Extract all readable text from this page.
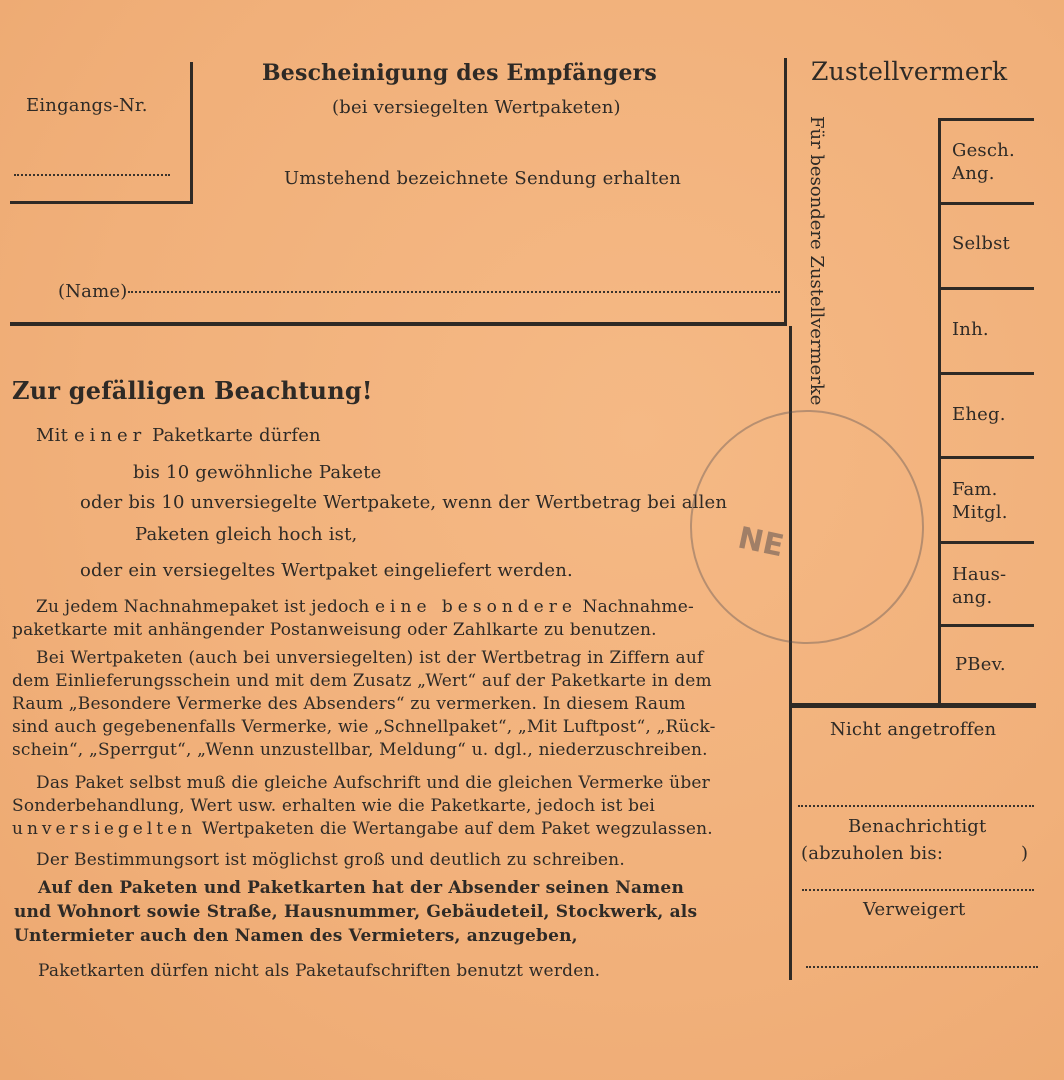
Eingangs-Nr.
Bescheinigung des Empfängers
(bei versiegelten Wertpaketen)
Umstehend bezeichnete Sendung erhalten
(Name)
Zur gefälligen Beachtung!
Mit einer Paketkarte dürfen
bis 10 gewöhnliche Pakete
oder bis 10 unversiegelte Wertpakete, wenn der Wertbetrag bei allen
Paketen gleich hoch ist,
oder ein versiegeltes Wertpaket eingeliefert werden.
Zu jedem Nachnahmepaket ist jedoch eine besondere Nachnahme-
paketkarte mit anhängender Postanweisung oder Zahlkarte zu benutzen.
Bei Wertpaketen (auch bei unversiegelten) ist der Wertbetrag in Ziffern auf
dem Einlieferungsschein und mit dem Zusatz „Wert“ auf der Paketkarte in dem
Raum „Besondere Vermerke des Absenders“ zu vermerken. In diesem Raum
sind auch gegebenenfalls Vermerke, wie „Schnellpaket“, „Mit Luftpost“, „Rück-
schein“, „Sperrgut“, „Wenn unzustellbar, Meldung“ u. dgl., niederzuschreiben.
Das Paket selbst muß die gleiche Aufschrift und die gleichen Vermerke über
Sonderbehandlung, Wert usw. erhalten wie die Paketkarte, jedoch ist bei
unversiegelten Wertpaketen die Wertangabe auf dem Paket wegzulassen.
Der Bestimmungsort ist möglichst groß und deutlich zu schreiben.
Auf den Paketen und Paketkarten hat der Absender seinen Namen
und Wohnort sowie Straße, Hausnummer, Gebäudeteil, Stockwerk, als
Untermieter auch den Namen des Vermieters, anzugeben,
Paketkarten dürfen nicht als Paketaufschriften benutzt werden.
Zustellvermerk
Für besondere Zustellvermerke	Gesch.
Ang.
Selbst
Inh.
Eheg.
Fam.
Mitgl.
Haus-
ang.
PBev.
Nicht angetroffen
Benachrichtigt
(abzuholen bis:	)
Verweigert
NE
